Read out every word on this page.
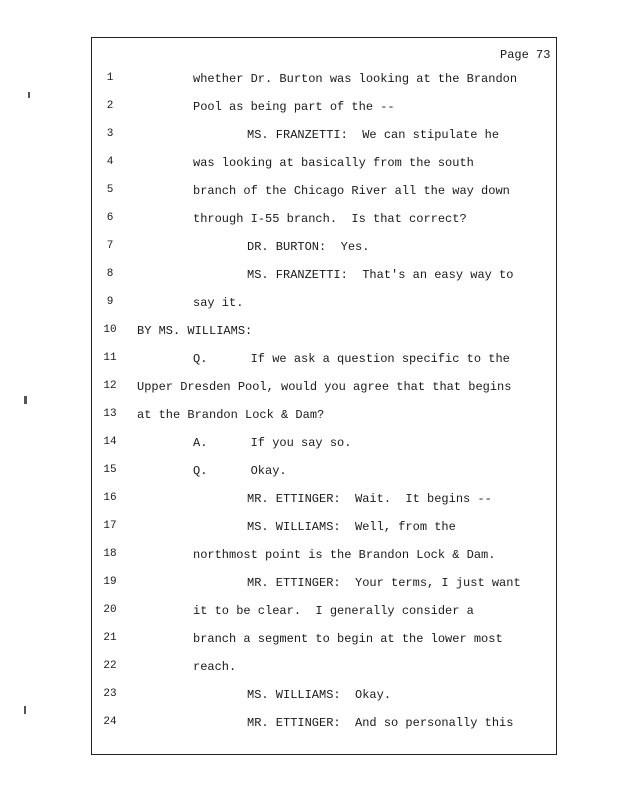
Page 73
1	whether Dr. Burton was looking at the Brandon
2	Pool as being part of the --
3	MS. FRANZETTI:  We can stipulate he
4	was looking at basically from the south
5	branch of the Chicago River all the way down
6	through I-55 branch.  Is that correct?
7	DR. BURTON:  Yes.
8	MS. FRANZETTI:  That's an easy way to
9	say it.
10 BY MS. WILLIAMS:
11	Q.      If we ask a question specific to the
12 Upper Dresden Pool, would you agree that that begins
13 at the Brandon Lock & Dam?
14	A.      If you say so.
15	Q.      Okay.
16	MR. ETTINGER:  Wait.  It begins --
17	MS. WILLIAMS:  Well, from the
18	northmost point is the Brandon Lock & Dam.
19	MR. ETTINGER:  Your terms, I just want
20	it to be clear.  I generally consider a
21	branch a segment to begin at the lower most
22	reach.
23	MS. WILLIAMS:  Okay.
24	MR. ETTINGER:  And so personally this
